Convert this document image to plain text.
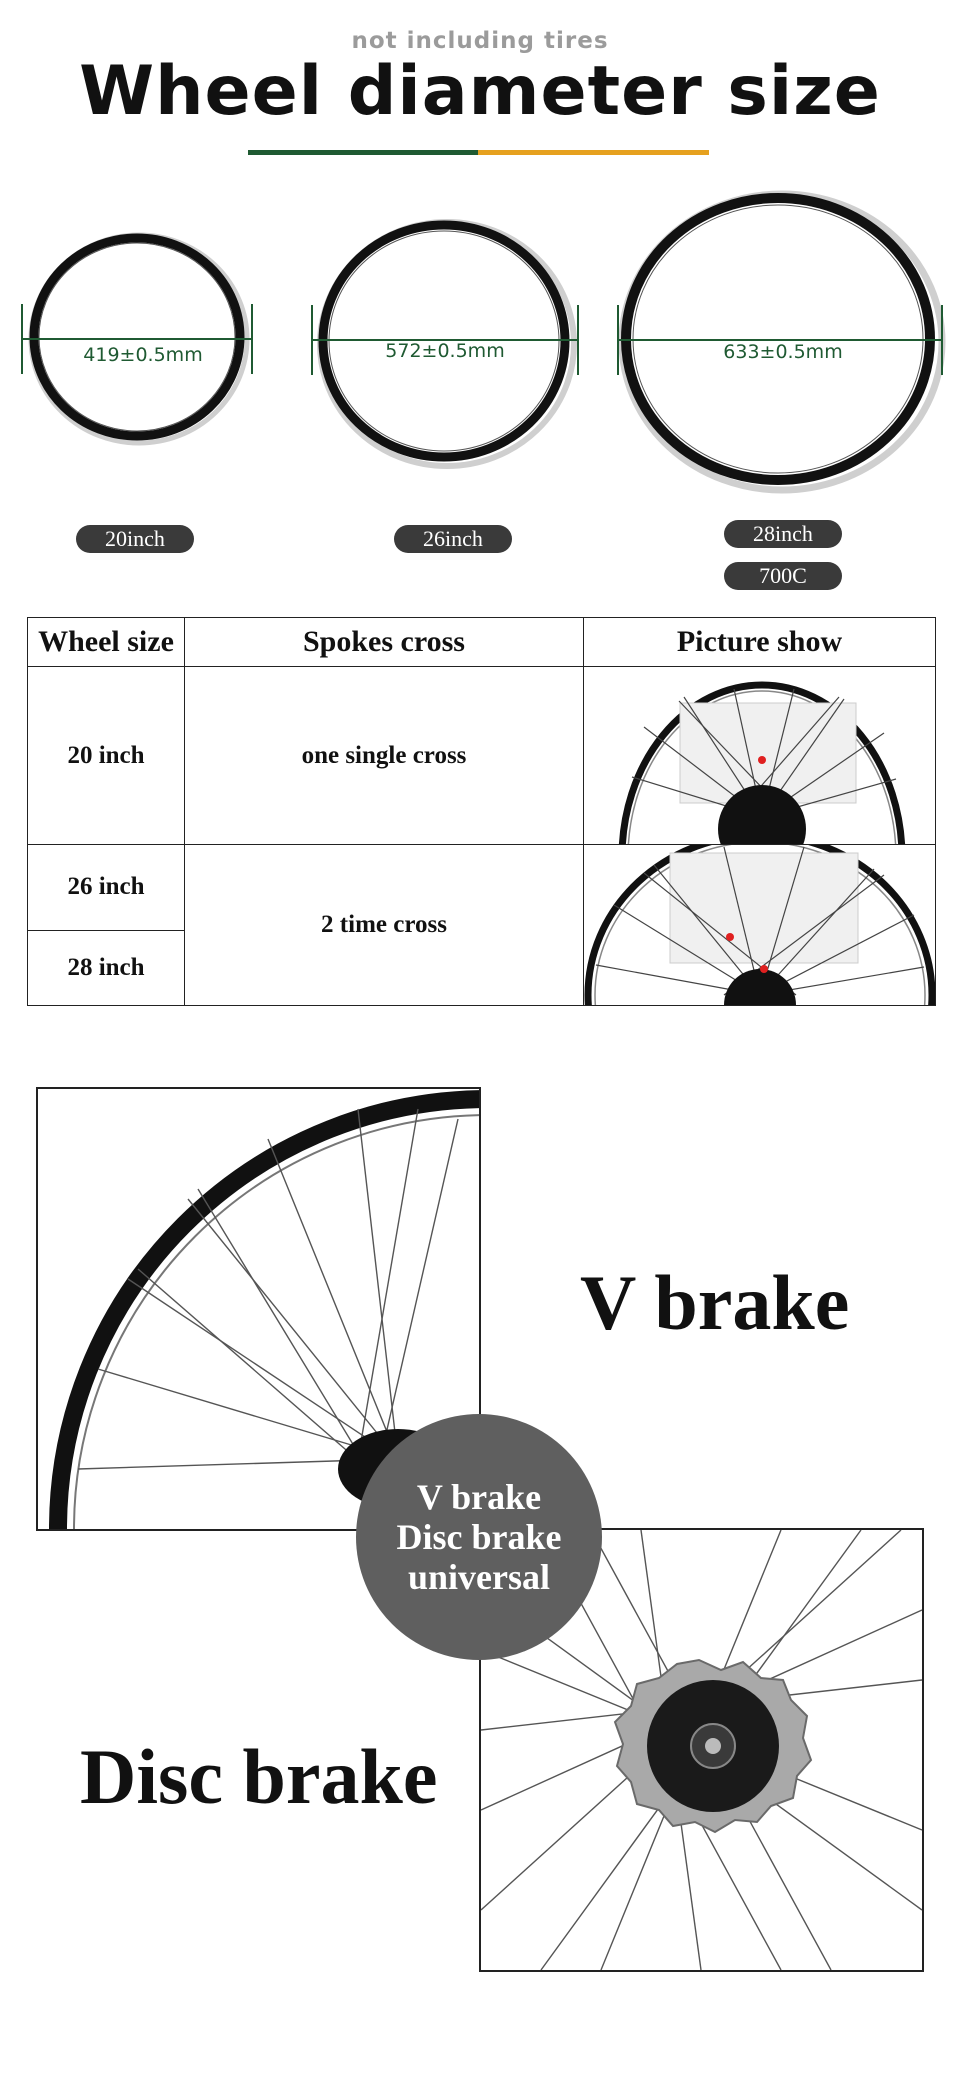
not including tires
Wheel diameter size
419±0.5mm	572±0.5mm	633±0.5mm
20inch	26inch	28inch
700C
Wheel size	Spokes cross	Picture show
20 inch	one single cross	

26 inch	2 time cross	

28 inch		
V brake
Disc brake
V brake
Disc brake
universal
